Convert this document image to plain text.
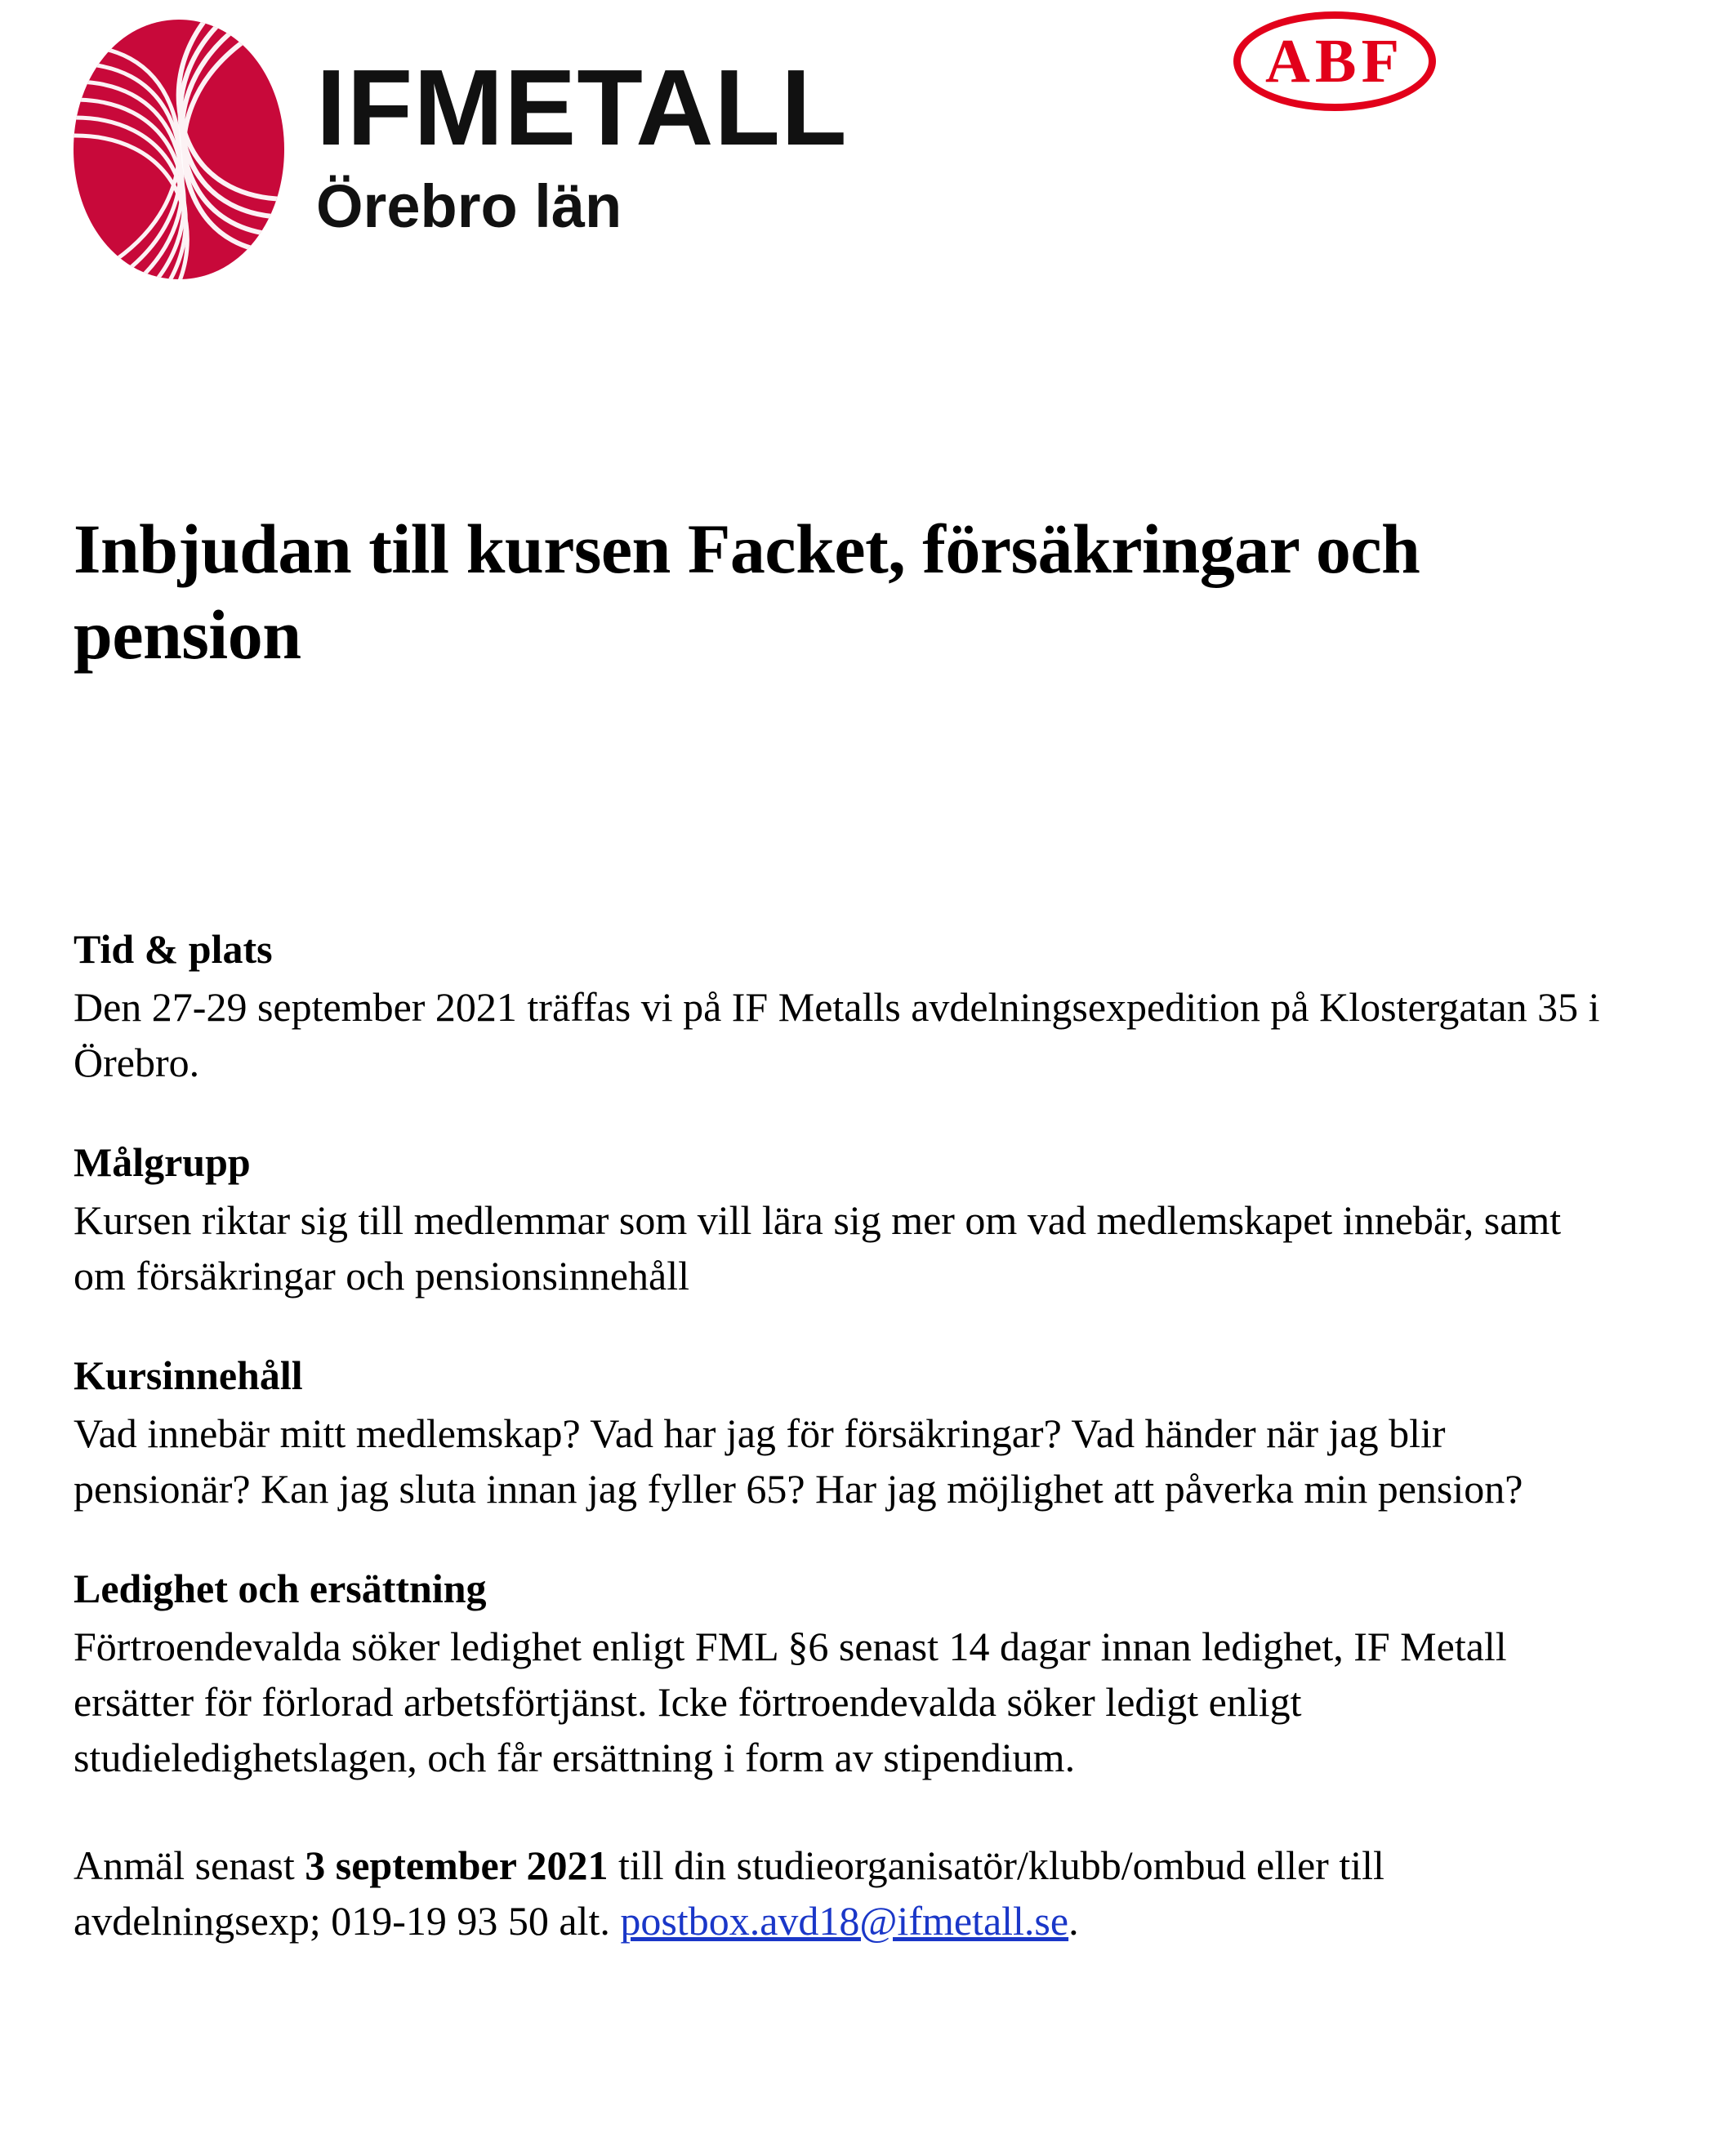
IFMETALL
Örebro län
ABF
Inbjudan till kursen Facket, försäkringar och pension
Tid & plats

Den 27-29 september 2021 träffas vi på IF Metalls avdelningsexpedition på Klostergatan 35 i Örebro.

Målgrupp

Kursen riktar sig till medlemmar som vill lära sig mer om vad medlemskapet innebär, samt om försäkringar och pensionsinnehåll

Kursinnehåll

Vad innebär mitt medlemskap? Vad har jag för försäkringar? Vad händer när jag blir pensionär? Kan jag sluta innan jag fyller 65? Har jag möjlighet att påverka min pension?

Ledighet och ersättning

Förtroendevalda söker ledighet enligt FML §6 senast 14 dagar innan ledighet, IF Metall ersätter för förlorad arbetsförtjänst. Icke förtroendevalda söker ledigt enligt studieledighetslagen, och får ersättning i form av stipendium.

Anmäl senast 3 september 2021 till din studieorganisatör/klubb/ombud eller till avdelningsexp; 019-19 93 50 alt. postbox.avd18@ifmetall.se.
